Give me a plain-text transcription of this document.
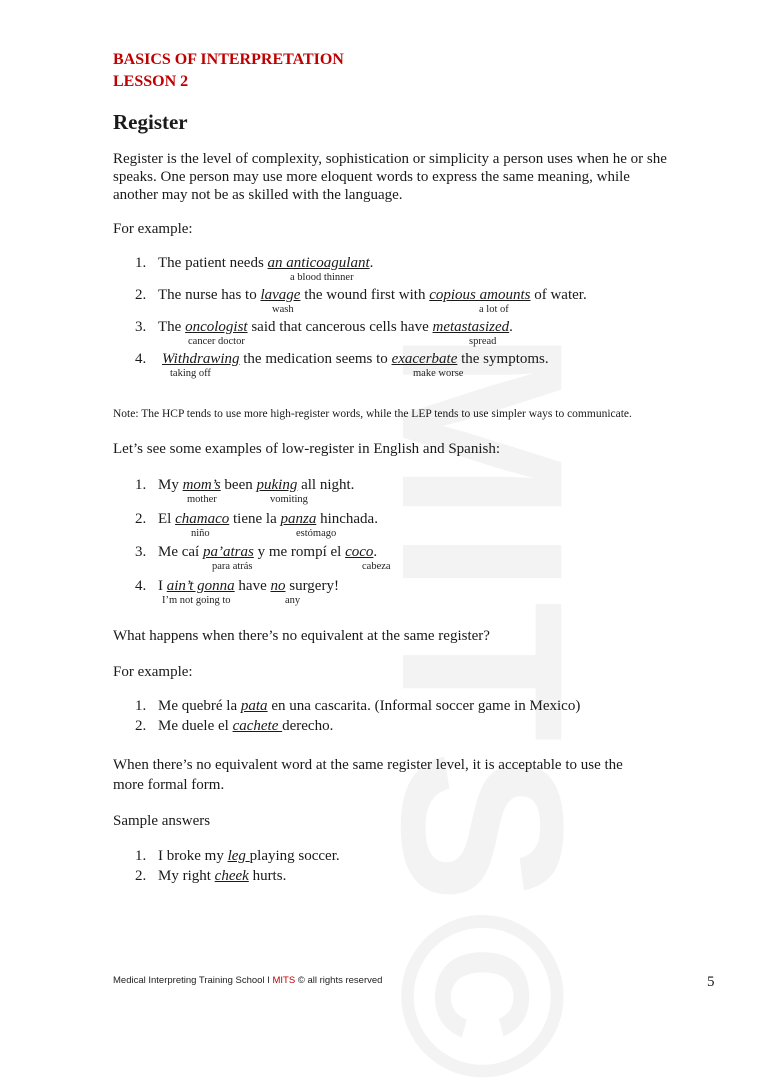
BASICS OF INTERPRETATION
LESSON 2
Register
Register is the level of complexity, sophistication or simplicity a person uses when he or she
speaks. One person may use more eloquent words to express the same meaning, while
another may not be as skilled with the language.
For example:
1. The patient needs an anticoagulant.
a blood thinner
2. The nurse has to lavage the wound first with copious amounts of water.
wash	a lot of
3. The oncologist said that cancerous cells have metastasized.
cancer doctor	spread
4. Withdrawing the medication seems to exacerbate the symptoms.
taking off	make worse
Note: The HCP tends to use more high-register words, while the LEP tends to use simpler ways to communicate.
Let’s see some examples of low-register in English and Spanish:
1. My mom’s been puking all night.
mother	vomiting
2. El chamaco tiene la panza hinchada.
niño	estómago
3. Me caí pa’atras y me rompí el coco.
para atrás	cabeza
4. I ain’t gonna have no surgery!
I’m not going to	any
What happens when there’s no equivalent at the same register?
For example:
1. Me quebré la pata en una cascarita. (Informal soccer game in Mexico)
2. Me duele el cachete derecho.
When there’s no equivalent word at the same register level, it is acceptable to use the
more formal form.
Sample answers
1. I broke my leg playing soccer.
2. My right cheek hurts.
Medical Interpreting Training School I MITS © all rights reserved	5
